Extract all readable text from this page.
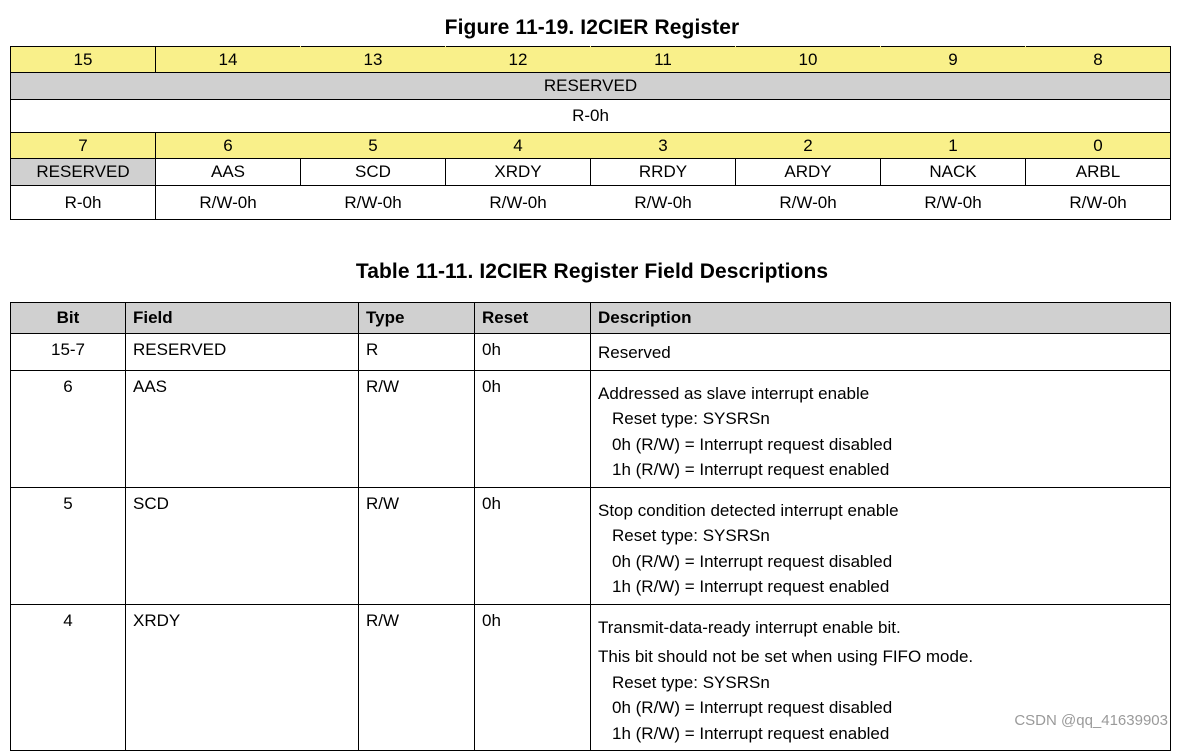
Figure 11-19. I2CIER Register
15	14	13	12	11	10	9	8
RESERVED							
R-0h							
7	6	5	4	3	2	1	0
RESERVED	AAS	SCD	XRDY	RRDY	ARDY	NACK	ARBL
R-0h	R/W-0h	R/W-0h	R/W-0h	R/W-0h	R/W-0h	R/W-0h	R/W-0h
Table 11-11. I2CIER Register Field Descriptions
Bit	Field	Type	Reset	Description
15-7	RESERVED	R	0h	Reserved

6	AAS	R/W	0h	Addressed as slave interrupt enable
Reset type: SYSRSn
0h (R/W) = Interrupt request disabled
1h (R/W) = Interrupt request enabled

5	SCD	R/W	0h	Stop condition detected interrupt enable
Reset type: SYSRSn
0h (R/W) = Interrupt request disabled
1h (R/W) = Interrupt request enabled

4	XRDY	R/W	0h	Transmit-data-ready interrupt enable bit.
This bit should not be set when using FIFO mode.
Reset type: SYSRSn
0h (R/W) = Interrupt request disabled
1h (R/W) = Interrupt request enabled
CSDN @qq_41639903
